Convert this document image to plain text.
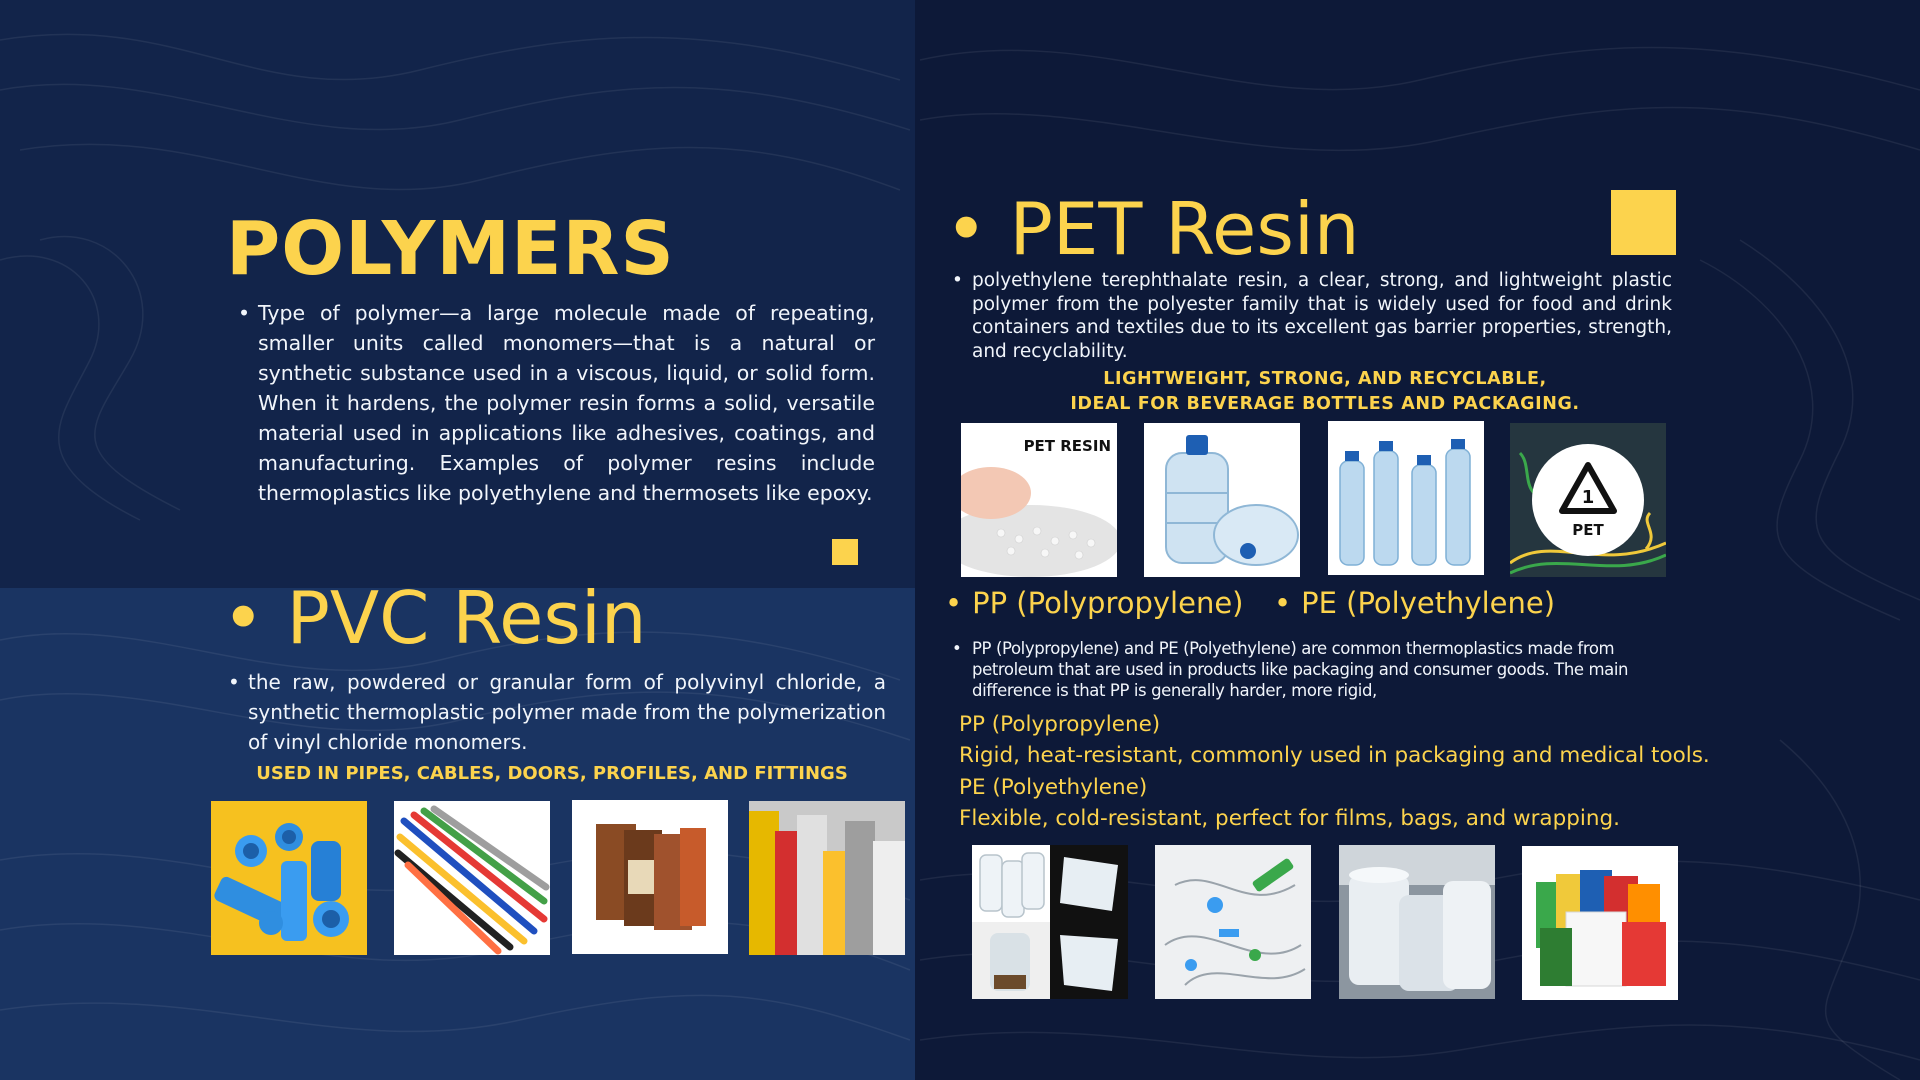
POLYMERS

• Type of polymer—a large molecule made of repeating, smaller units called monomers—that is a natural or synthetic substance used in a viscous, liquid, or solid form. When it hardens, the polymer resin forms a solid, versatile material used in applications like adhesives, coatings, and manufacturing. Examples of polymer resins include thermoplastics like polyethylene and thermosets like epoxy.

• PVC Resin

• the raw, powdered or granular form of polyvinyl chloride, a synthetic thermoplastic polymer made from the polymerization of vinyl chloride monomers.

USED IN PIPES, CABLES, DOORS, PROFILES, AND FITTINGS

• PET Resin

• polyethylene terephthalate resin, a clear, strong, and lightweight plastic polymer from the polyester family that is widely used for food and drink containers and textiles due to its excellent gas barrier properties, strength, and recyclability.

LIGHTWEIGHT, STRONG, AND RECYCLABLE,
IDEAL FOR BEVERAGE BOTTLES AND PACKAGING.
PET RESIN
1
PET
• PP (Polypropylene) • PE (Polyethylene)

• PP (Polypropylene) and PE (Polyethylene) are common thermoplastics made from petroleum that are used in products like packaging and consumer goods. The main difference is that PP is generally harder, more rigid,

PP (Polypropylene)

Rigid, heat-resistant, commonly used in packaging and medical tools.

PE (Polyethylene)

Flexible, cold-resistant, perfect for films, bags, and wrapping.
